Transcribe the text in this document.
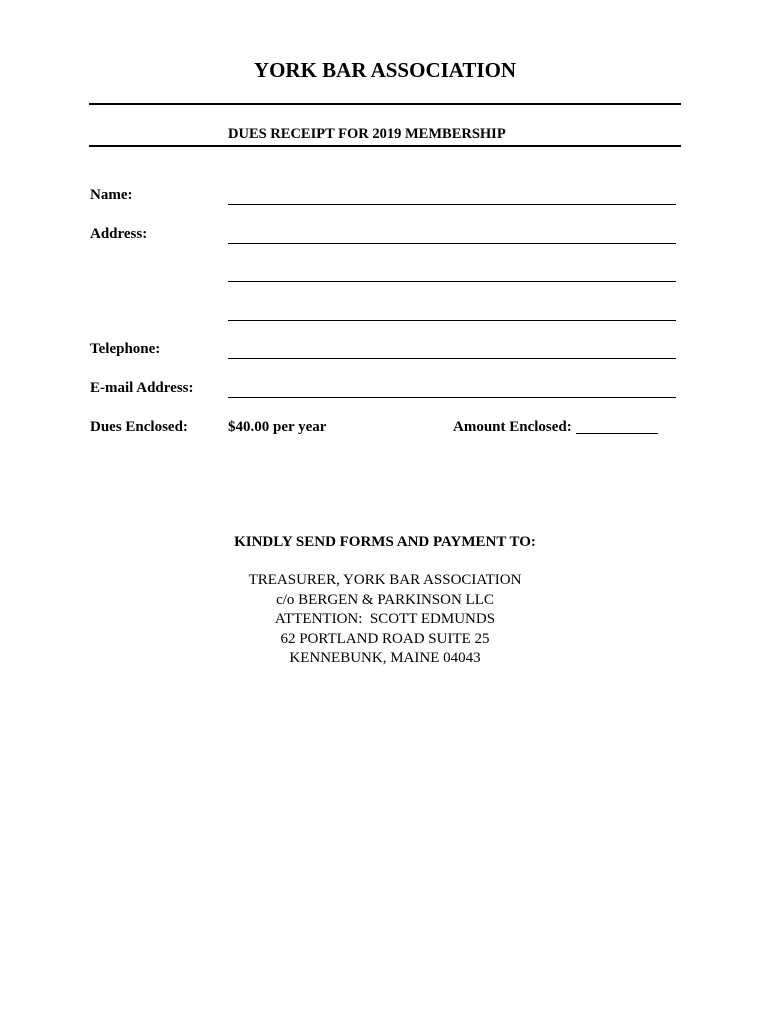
YORK BAR ASSOCIATION
DUES RECEIPT FOR 2019 MEMBERSHIP
Name:
Address:
Telephone:
E-mail Address:
Dues Enclosed:	$40.00 per year	Amount Enclosed:
KINDLY SEND FORMS AND PAYMENT TO:
TREASURER, YORK BAR ASSOCIATION
c/o BERGEN & PARKINSON LLC
ATTENTION:  SCOTT EDMUNDS
62 PORTLAND ROAD SUITE 25
KENNEBUNK, MAINE 04043
